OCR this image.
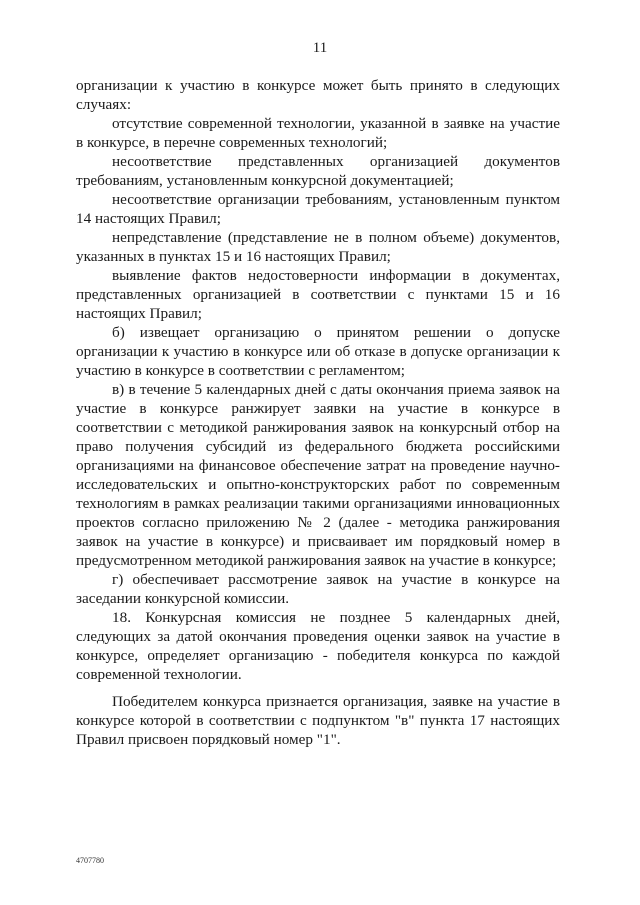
11

организации к участию в конкурсе может быть принято в следующих случаях:

отсутствие современной технологии, указанной в заявке на участие в конкурсе, в перечне современных технологий;

несоответствие представленных организацией документов требованиям, установленным конкурсной документацией;

несоответствие организации требованиям, установленным пунктом 14 настоящих Правил;

непредставление (представление не в полном объеме) документов, указанных в пунктах 15 и 16 настоящих Правил;

выявление фактов недостоверности информации в документах, представленных организацией в соответствии с пунктами 15 и 16 настоящих Правил;

б) извещает организацию о принятом решении о допуске организации к участию в конкурсе или об отказе в допуске организации к участию в конкурсе в соответствии с регламентом;

в) в течение 5 календарных дней с даты окончания приема заявок на участие в конкурсе ранжирует заявки на участие в конкурсе в соответствии с методикой ранжирования заявок на конкурсный отбор на право получения субсидий из федерального бюджета российскими организациями на финансовое обеспечение затрат на проведение научно-исследовательских и опытно-конструкторских работ по современным технологиям в рамках реализации такими организациями инновационных проектов согласно приложению № 2 (далее - методика ранжирования заявок на участие в конкурсе) и присваивает им порядковый номер в предусмотренном методикой ранжирования заявок на участие в конкурсе;

г) обеспечивает рассмотрение заявок на участие в конкурсе на заседании конкурсной комиссии.

18. Конкурсная комиссия не позднее 5 календарных дней, следующих за датой окончания проведения оценки заявок на участие в конкурсе, определяет организацию - победителя конкурса по каждой современной технологии.

Победителем конкурса признается организация, заявке на участие в конкурсе которой в соответствии с подпунктом "в" пункта 17 настоящих Правил присвоен порядковый номер "1".

4707780
